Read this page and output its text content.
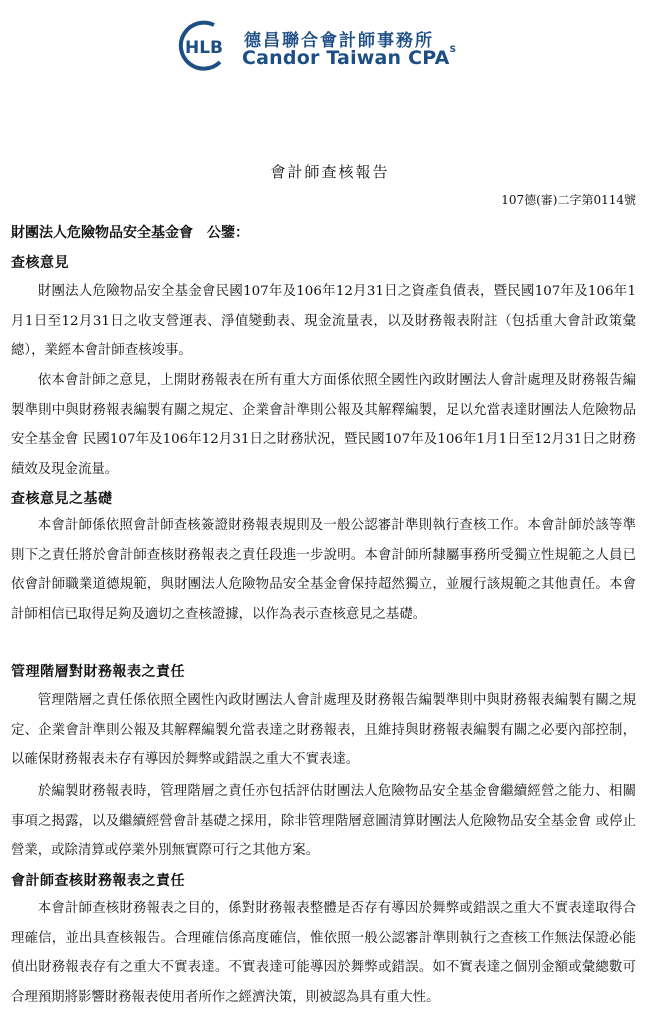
HLB 德昌聯合會計師事務所
Candor Taiwan $CPA^S$
會計師查核報告
107德(審)二字第0114號
財團法人危險物品安全基金會　公鑒：
查核意見
財團法人危險物品安全基金會民國107年及106年12月31日之資產負債表，暨民國107年及106年1月1日至12月31日之收支營運表、淨值變動表、現金流量表，以及財務報表附註（包括重大會計政策彙總），業經本會計師查核竣事。
依本會計師之意見，上開財務報表在所有重大方面係依照全國性內政財團法人會計處理及財務報告編製準則中與財務報表編製有關之規定、企業會計準則公報及其解釋編製，足以允當表達財團法人危險物品安全基金會 民國107年及106年12月31日之財務狀況，暨民國107年及106年1月1日至12月31日之財務績效及現金流量。
查核意見之基礎
本會計師係依照會計師查核簽證財務報表規則及一般公認審計準則執行查核工作。本會計師於該等準則下之責任將於會計師查核財務報表之責任段進一步說明。本會計師所隸屬事務所受獨立性規範之人員已依會計師職業道德規範，與財團法人危險物品安全基金會保持超然獨立，並履行該規範之其他責任。本會計師相信已取得足夠及適切之查核證據，以作為表示查核意見之基礎。
管理階層對財務報表之責任
管理階層之責任係依照全國性內政財團法人會計處理及財務報告編製準則中與財務報表編製有關之規定、企業會計準則公報及其解釋編製允當表達之財務報表，且維持與財務報表編製有關之必要內部控制，以確保財務報表未存有導因於舞弊或錯誤之重大不實表達。
於編製財務報表時，管理階層之責任亦包括評估財團法人危險物品安全基金會繼續經營之能力、相關事項之揭露，以及繼續經營會計基礎之採用，除非管理階層意圖清算財團法人危險物品安全基金會 或停止營業，或除清算或停業外別無實際可行之其他方案。
會計師查核財務報表之責任
本會計師查核財務報表之目的，係對財務報表整體是否存有導因於舞弊或錯誤之重大不實表達取得合理確信，並出具查核報告。合理確信係高度確信，惟依照一般公認審計準則執行之查核工作無法保證必能偵出財務報表存有之重大不實表達。不實表達可能導因於舞弊或錯誤。如不實表達之個別金額或彙總數可合理預期將影響財務報表使用者所作之經濟決策，則被認為具有重大性。
